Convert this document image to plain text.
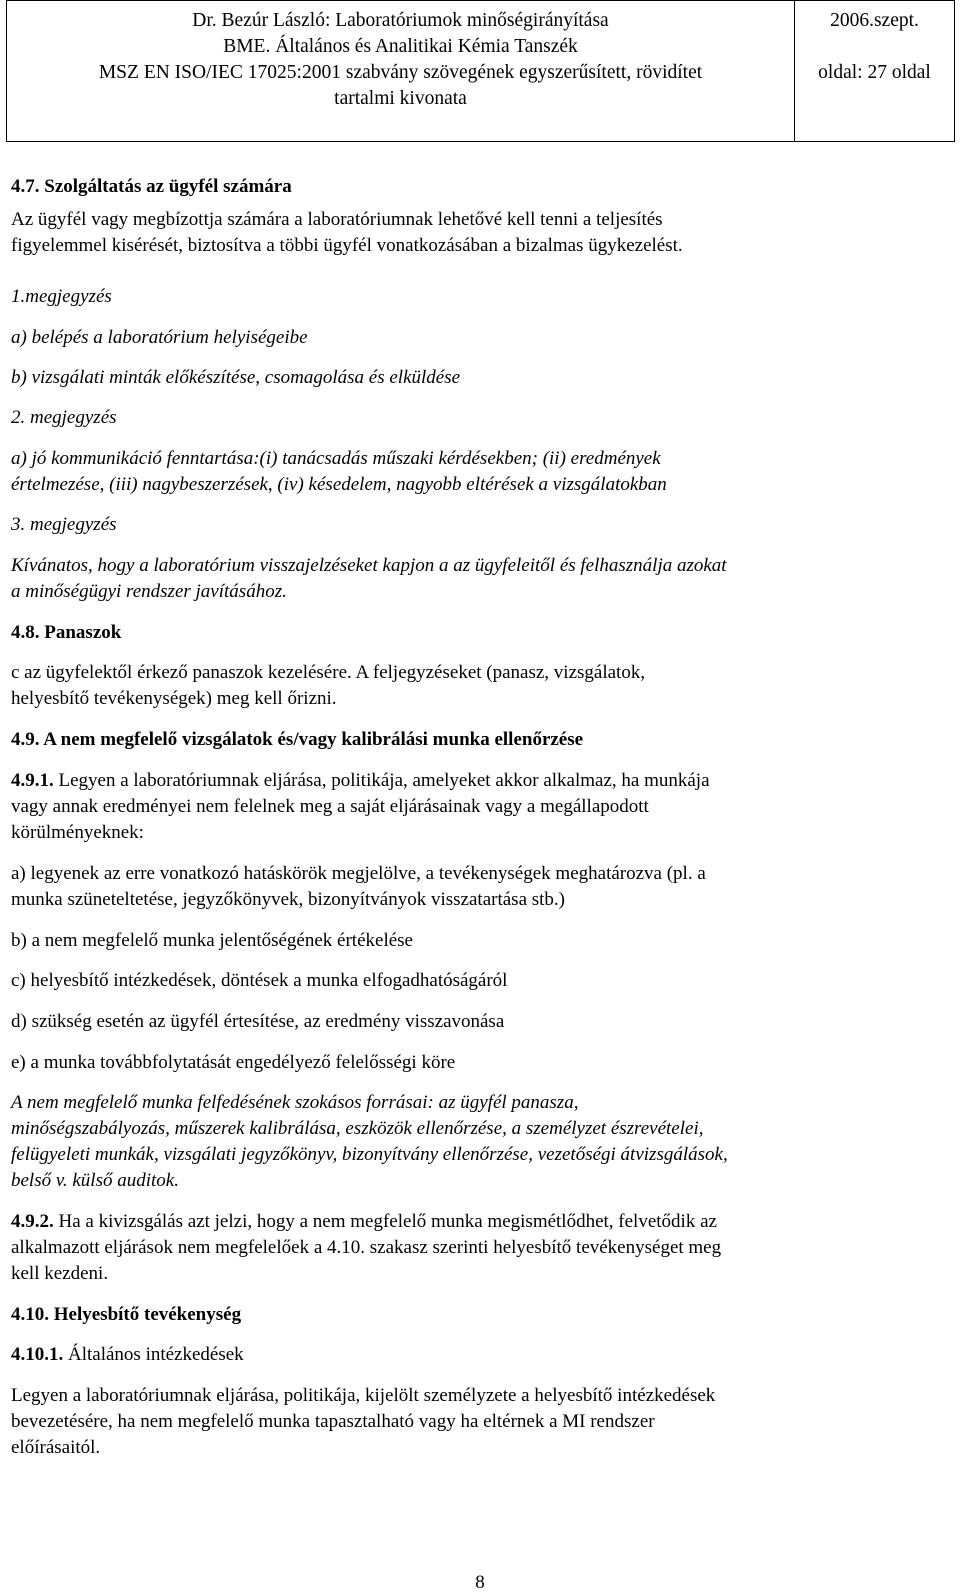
Dr. Bezúr László: Laboratóriumok minőségirányítása
BME. Általános és Analitikai Kémia Tanszék
MSZ EN ISO/IEC 17025:2001 szabvány szövegének egyszerűsített, rövidítet
tartalmi kivonata
2006.szept.
oldal: 27 oldal
4.7. Szolgáltatás az ügyfél számára
Az ügyfél vagy megbízottja számára a laboratóriumnak lehetővé kell tenni a teljesítés
figyelemmel kisérését, biztosítva a többi ügyfél vonatkozásában a bizalmas ügykezelést.
1.megjegyzés
a) belépés a laboratórium helyiségeibe
b) vizsgálati minták előkészítése, csomagolása és elküldése
2. megjegyzés
a) jó kommunikáció fenntartása:(i) tanácsadás műszaki kérdésekben; (ii) eredmények
értelmezése, (iii) nagybeszerzések, (iv) késedelem, nagyobb eltérések a vizsgálatokban
3. megjegyzés
Kívánatos, hogy a laboratórium visszajelzéseket kapjon a az ügyfeleitől és felhasználja azokat
a minőségügyi rendszer javításához.
4.8. Panaszok
c az ügyfelektől érkező panaszok kezelésére. A feljegyzéseket (panasz, vizsgálatok,
helyesbítő tevékenységek) meg kell őrizni.
4.9. A nem megfelelő vizsgálatok és/vagy kalibrálási munka ellenőrzése
4.9.1. Legyen a laboratóriumnak eljárása, politikája, amelyeket akkor alkalmaz, ha munkája
vagy annak eredményei nem felelnek meg a saját eljárásainak vagy a megállapodott
körülményeknek:
a) legyenek az erre vonatkozó hatáskörök megjelölve, a tevékenységek meghatározva (pl. a
munka szüneteltetése, jegyzőkönyvek, bizonyítványok visszatartása stb.)
b) a nem megfelelő munka jelentőségének értékelése
c) helyesbítő intézkedések, döntések a munka elfogadhatóságáról
d) szükség esetén az ügyfél értesítése, az eredmény visszavonása
e) a munka továbbfolytatását engedélyező felelősségi köre
A nem megfelelő munka felfedésének szokásos forrásai: az ügyfél panasza,
minőségszabályozás, műszerek kalibrálása, eszközök ellenőrzése, a személyzet észrevételei,
felügyeleti munkák, vizsgálati jegyzőkönyv, bizonyítvány ellenőrzése, vezetőségi átvizsgálások,
belső v. külső auditok.
4.9.2. Ha a kivizsgálás azt jelzi, hogy a nem megfelelő munka megismétlődhet, felvetődik az
alkalmazott eljárások nem megfelelőek a 4.10. szakasz szerinti helyesbítő tevékenységet meg
kell kezdeni.
4.10. Helyesbítő tevékenység
4.10.1. Általános intézkedések
Legyen a laboratóriumnak eljárása, politikája, kijelölt személyzete a helyesbítő intézkedések
bevezetésére, ha nem megfelelő munka tapasztalható vagy ha eltérnek a MI rendszer
előírásaitól.
8
